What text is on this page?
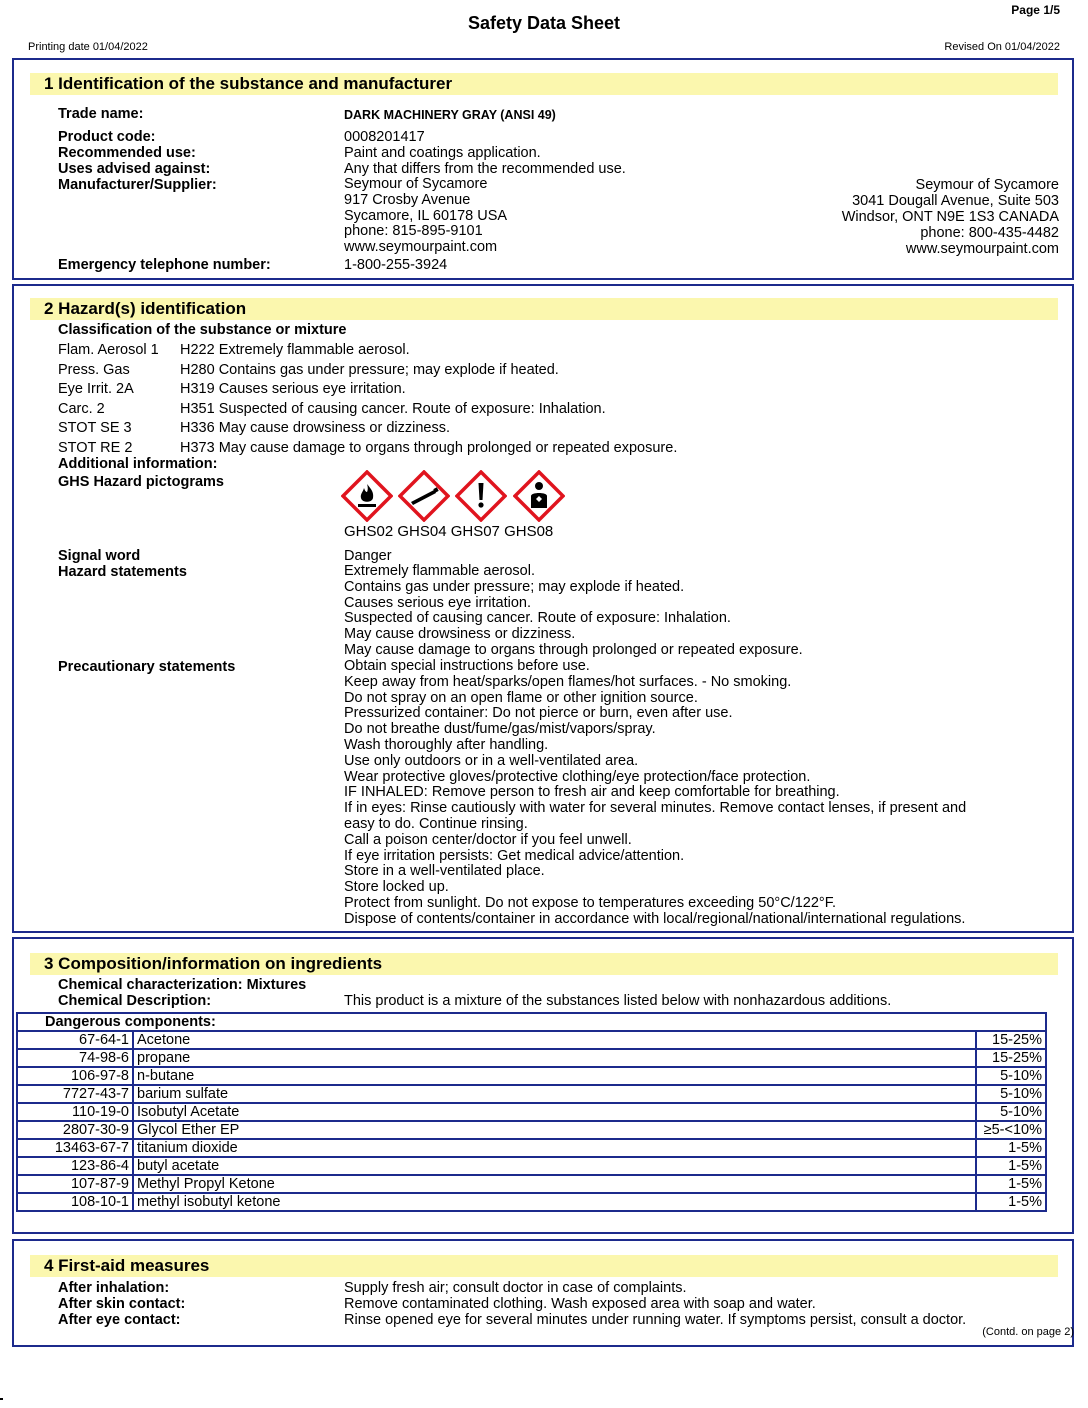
Page 1/5
Safety Data Sheet
Printing date 01/04/2022	Revised On 01/04/2022
1 Identification of the substance and manufacturer
Trade name:	DARK MACHINERY GRAY (ANSI 49)
Product code:	0008201417
Recommended use:	Paint and coatings application.
Uses advised against:	Any that differs from the recommended use.
Manufacturer/Supplier:	Seymour of Sycamore
917 Crosby Avenue
Sycamore, IL 60178 USA
phone: 815-895-9101
www.seymourpaint.com
Seymour of Sycamore
3041 Dougall Avenue, Suite 503
Windsor, ONT N9E 1S3 CANADA
phone: 800-435-4482
www.seymourpaint.com
Emergency telephone number:	1-800-255-3924
2 Hazard(s) identification
Classification of the substance or mixture
Flam. Aerosol 1 H222 Extremely flammable aerosol.
Press. Gas	H280 Contains gas under pressure; may explode if heated.
Eye Irrit. 2A	H319 Causes serious eye irritation.
Carc. 2	H351 Suspected of causing cancer. Route of exposure: Inhalation.
STOT SE 3	H336 May cause drowsiness or dizziness.
STOT RE 2	H373 May cause damage to organs through prolonged or repeated exposure.
Additional information:
GHS Hazard pictograms
GHS02 GHS04 GHS07 GHS08
Signal word	Danger
Hazard statements	Extremely flammable aerosol.
Contains gas under pressure; may explode if heated.
Causes serious eye irritation.
Suspected of causing cancer. Route of exposure: Inhalation.
May cause drowsiness or dizziness.
May cause damage to organs through prolonged or repeated exposure.
Precautionary statements	Obtain special instructions before use.
Keep away from heat/sparks/open flames/hot surfaces. - No smoking.
Do not spray on an open flame or other ignition source.
Pressurized container: Do not pierce or burn, even after use.
Do not breathe dust/fume/gas/mist/vapors/spray.
Wash thoroughly after handling.
Use only outdoors or in a well-ventilated area.
Wear protective gloves/protective clothing/eye protection/face protection.
IF INHALED: Remove person to fresh air and keep comfortable for breathing.
If in eyes: Rinse cautiously with water for several minutes. Remove contact lenses, if present and
easy to do. Continue rinsing.
Call a poison center/doctor if you feel unwell.
If eye irritation persists: Get medical advice/attention.
Store in a well-ventilated place.
Store locked up.
Protect from sunlight. Do not expose to temperatures exceeding 50°C/122°F.
Dispose of contents/container in accordance with local/regional/national/international regulations.
3 Composition/information on ingredients
Chemical characterization: Mixtures
Chemical Description:	This product is a mixture of the substances listed below with nonhazardous additions.
Dangerous components:		
67-64-1	Acetone	15-25%
74-98-6	propane	15-25%
106-97-8	n-butane	5-10%
7727-43-7	barium sulfate	5-10%
110-19-0	Isobutyl Acetate	5-10%
2807-30-9	Glycol Ether EP	≥5-<10%
13463-67-7	titanium dioxide	1-5%
123-86-4	butyl acetate	1-5%
107-87-9	Methyl Propyl Ketone	1-5%
108-10-1	methyl isobutyl ketone	1-5%
4 First-aid measures
After inhalation:	Supply fresh air; consult doctor in case of complaints.
After skin contact:	Remove contaminated clothing. Wash exposed area with soap and water.
After eye contact:	Rinse opened eye for several minutes under running water. If symptoms persist, consult a doctor.
(Contd. on page 2)
